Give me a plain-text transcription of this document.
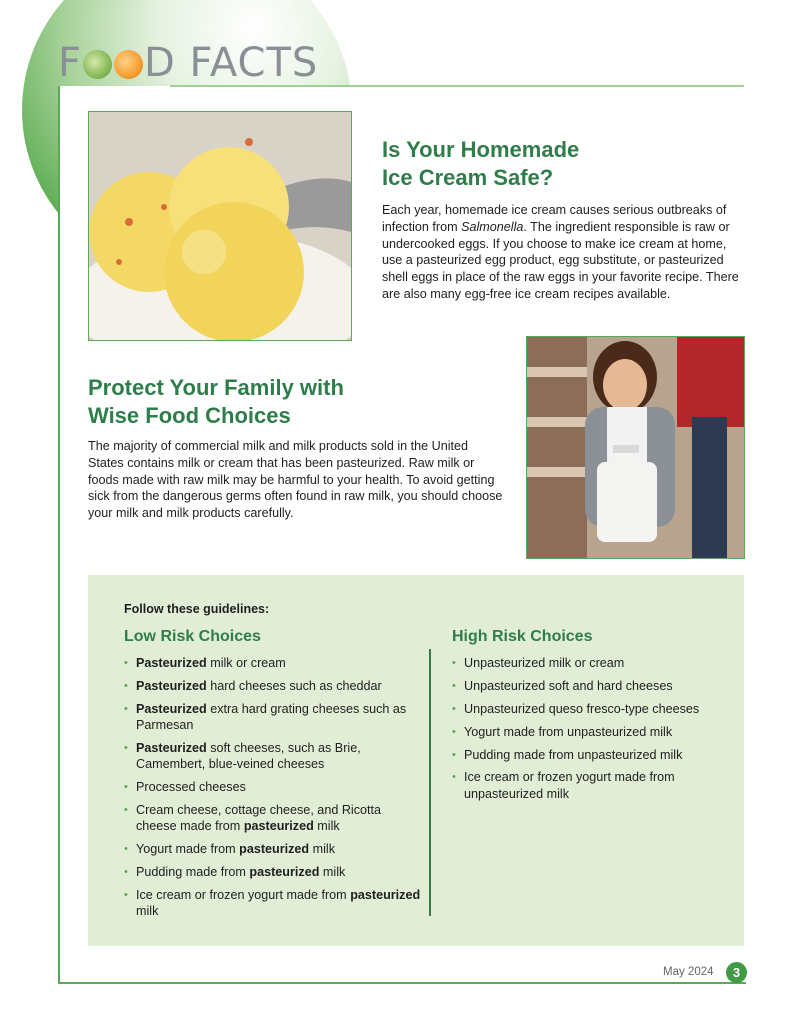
F D FACTS
Is Your Homemade
Ice Cream Safe?

Each year, homemade ice cream causes serious outbreaks of infection from Salmonella. The ingredient responsible is raw or undercooked eggs. If you choose to make ice cream at home, use a pasteurized egg product, egg substitute, or pasteurized shell eggs in place of the raw eggs in your favorite recipe. There are also many egg-free ice cream recipes available.

Protect Your Family with
Wise Food Choices

The majority of commercial milk and milk products sold in the United States contains milk or cream that has been pasteurized. Raw milk or foods made with raw milk may be harmful to your health. To avoid getting sick from the dangerous germs often found in raw milk, you should choose your milk and milk products carefully.

Follow these guidelines:

Low Risk Choices
• Pasteurized milk or cream
• Pasteurized hard cheeses such as cheddar
• Pasteurized extra hard grating cheeses such as Parmesan
• Pasteurized soft cheeses, such as Brie, Camembert, blue-veined cheeses
• Processed cheeses
• Cream cheese, cottage cheese, and Ricotta cheese made from pasteurized milk
• Yogurt made from pasteurized milk
• Pudding made from pasteurized milk
• Ice cream or frozen yogurt made from pasteurized milk
High Risk Choices
• Unpasteurized milk or cream
• Unpasteurized soft and hard cheeses
• Unpasteurized queso fresco-type cheeses
• Yogurt made from unpasteurized milk
• Pudding made from unpasteurized milk
• Ice cream or frozen yogurt made from unpasteurized milk
May 2024	3
